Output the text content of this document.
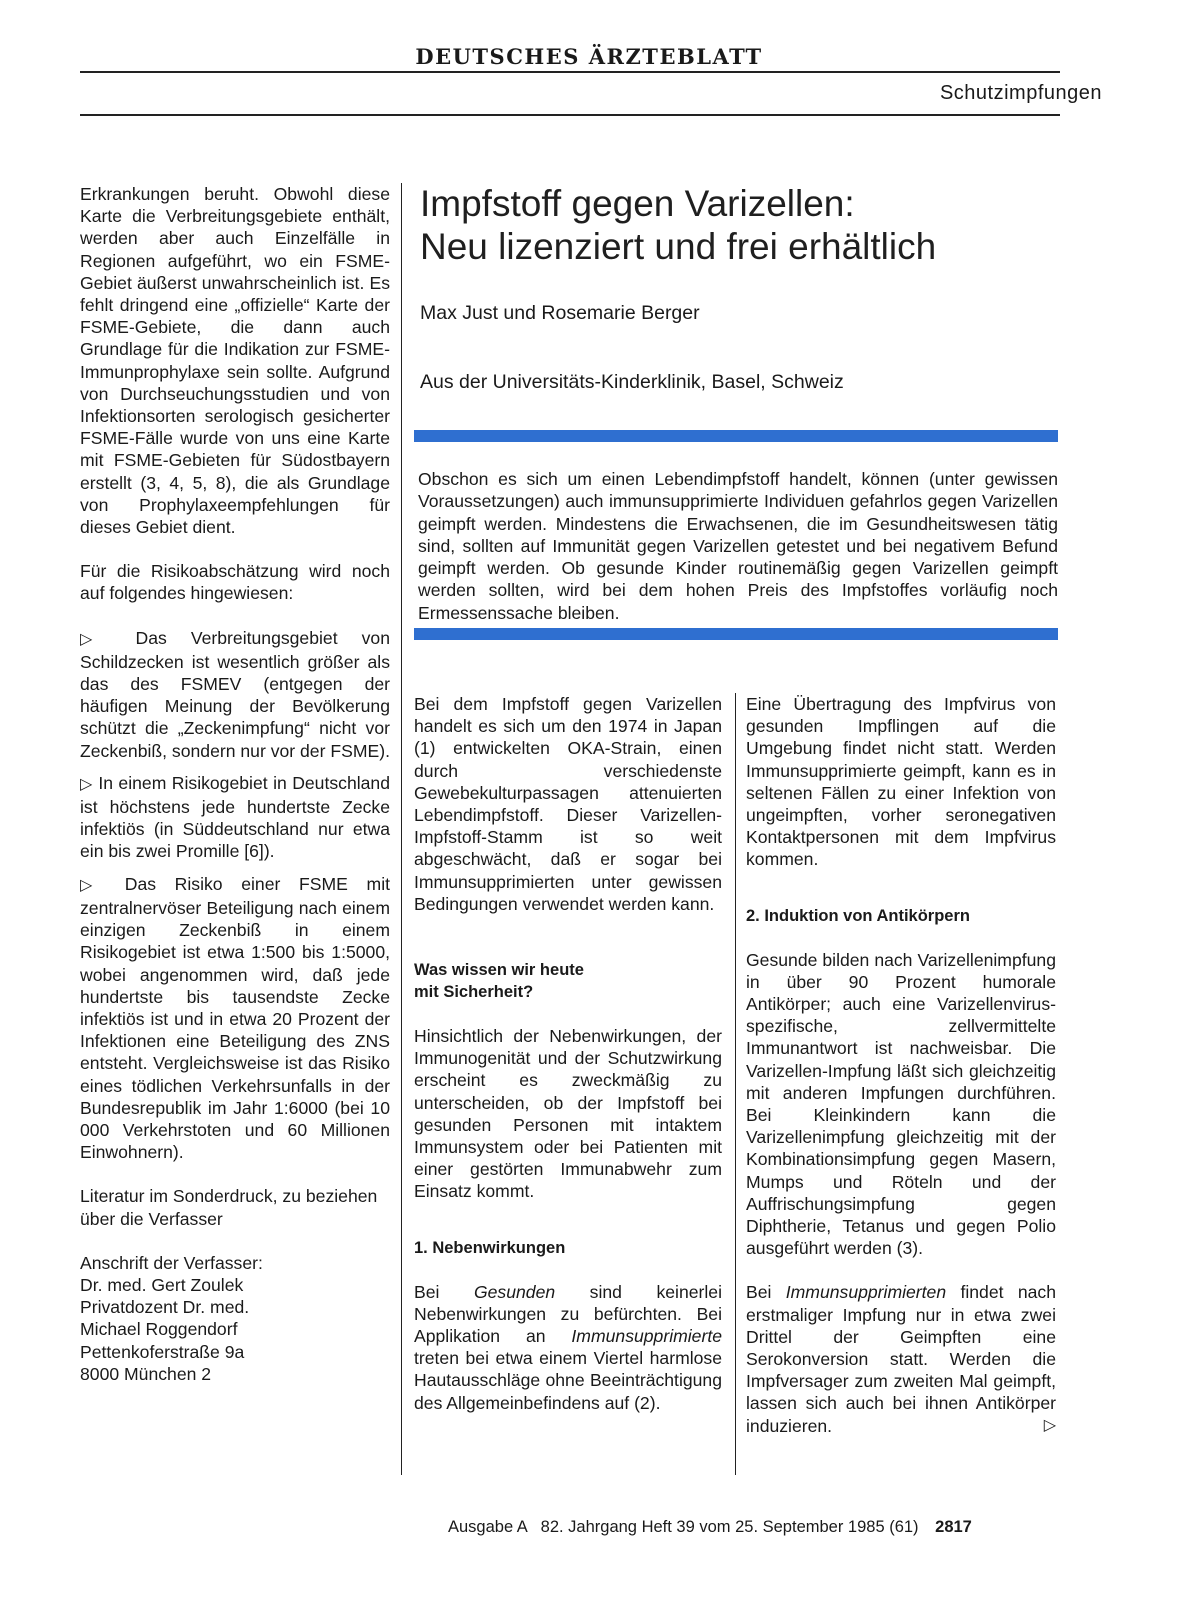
DEUTSCHES ÄRZTEBLATT
Schutzimpfungen

Erkrankungen beruht. Obwohl diese Karte die Verbreitungsgebiete enthält, werden aber auch Einzelfälle in Regionen aufgeführt, wo ein FSME-Gebiet äußerst unwahrscheinlich ist. Es fehlt dringend eine „offizielle“ Karte der FSME-Gebiete, die dann auch Grundlage für die Indikation zur FSME-Immunprophylaxe sein sollte. Aufgrund von Durchseuchungsstudien und von Infektionsorten serologisch gesicherter FSME-Fälle wurde von uns eine Karte mit FSME-Gebieten für Südostbayern erstellt (3, 4, 5, 8), die als Grundlage von Prophylaxeempfehlungen für dieses Gebiet dient.

Für die Risikoabschätzung wird noch auf folgendes hingewiesen:

▷ Das Verbreitungsgebiet von Schildzecken ist wesentlich größer als das des FSMEV (entgegen der häufigen Meinung der Bevölkerung schützt die „Zeckenimpfung“ nicht vor Zeckenbiß, sondern nur vor der FSME).

▷ In einem Risikogebiet in Deutschland ist höchstens jede hundertste Zecke infektiös (in Süddeutschland nur etwa ein bis zwei Promille [6]).

▷ Das Risiko einer FSME mit zentralnervöser Beteiligung nach einem einzigen Zeckenbiß in einem Risikogebiet ist etwa 1:500 bis 1:5000, wobei angenommen wird, daß jede hundertste bis tausendste Zecke infektiös ist und in etwa 20 Prozent der Infektionen eine Beteiligung des ZNS entsteht. Vergleichsweise ist das Risiko eines tödlichen Verkehrsunfalls in der Bundesrepublik im Jahr 1:6000 (bei 10 000 Verkehrstoten und 60 Millionen Einwohnern).

Literatur im Sonderdruck, zu beziehen über die Verfasser

Anschrift der Verfasser:
Dr. med. Gert Zoulek
Privatdozent Dr. med.
Michael Roggendorf
Pettenkoferstraße 9a
8000 München 2
Impfstoff gegen Varizellen:
Neu lizenziert und frei erhältlich
Max Just und Rosemarie Berger
Aus der Universitäts-Kinderklinik, Basel, Schweiz
Obschon es sich um einen Lebendimpfstoff handelt, können (unter gewissen Voraussetzungen) auch immunsupprimierte Individuen gefahrlos gegen Varizellen geimpft werden. Mindestens die Erwachsenen, die im Gesundheitswesen tätig sind, sollten auf Immunität gegen Varizellen getestet und bei negativem Befund geimpft werden. Ob gesunde Kinder routinemäßig gegen Varizellen geimpft werden sollten, wird bei dem hohen Preis des Impfstoffes vorläufig noch Ermessenssache bleiben.

Bei dem Impfstoff gegen Varizellen handelt es sich um den 1974 in Japan (1) entwickelten OKA-Strain, einen durch verschiedenste Gewebekulturpassagen attenuierten Lebendimpfstoff. Dieser Varizellen-Impfstoff-Stamm ist so weit abgeschwächt, daß er sogar bei Immunsupprimierten unter gewissen Bedingungen verwendet werden kann.

Was wissen wir heute
mit Sicherheit?

Hinsichtlich der Nebenwirkungen, der Immunogenität und der Schutzwirkung erscheint es zweckmäßig zu unterscheiden, ob der Impfstoff bei gesunden Personen mit intaktem Immunsystem oder bei Patienten mit einer gestörten Immunabwehr zum Einsatz kommt.

1. Nebenwirkungen

Bei Gesunden sind keinerlei Nebenwirkungen zu befürchten. Bei Applikation an Immunsupprimierte treten bei etwa einem Viertel harmlose Hautausschläge ohne Beeinträchtigung des Allgemeinbefindens auf (2).

Eine Übertragung des Impfvirus von gesunden Impflingen auf die Umgebung findet nicht statt. Werden Immunsupprimierte geimpft, kann es in seltenen Fällen zu einer Infektion von ungeimpften, vorher seronegativen Kontaktpersonen mit dem Impfvirus kommen.

2. Induktion von Antikörpern

Gesunde bilden nach Varizellenimpfung in über 90 Prozent humorale Antikörper; auch eine Varizellenvirus-spezifische, zellvermittelte Immunantwort ist nachweisbar. Die Varizellen-Impfung läßt sich gleichzeitig mit anderen Impfungen durchführen. Bei Kleinkindern kann die Varizellenimpfung gleichzeitig mit der Kombinationsimpfung gegen Masern, Mumps und Röteln und der Auffrischungsimpfung gegen Diphtherie, Tetanus und gegen Polio ausgeführt werden (3).

Bei Immunsupprimierten findet nach erstmaliger Impfung nur in etwa zwei Drittel der Geimpften eine Serokonversion statt. Werden die Impfversager zum zweiten Mal geimpft, lassen sich auch bei ihnen Antikörper induzieren.	▷

Ausgabe A   82. Jahrgang Heft 39 vom 25. September 1985 (61) 2817
